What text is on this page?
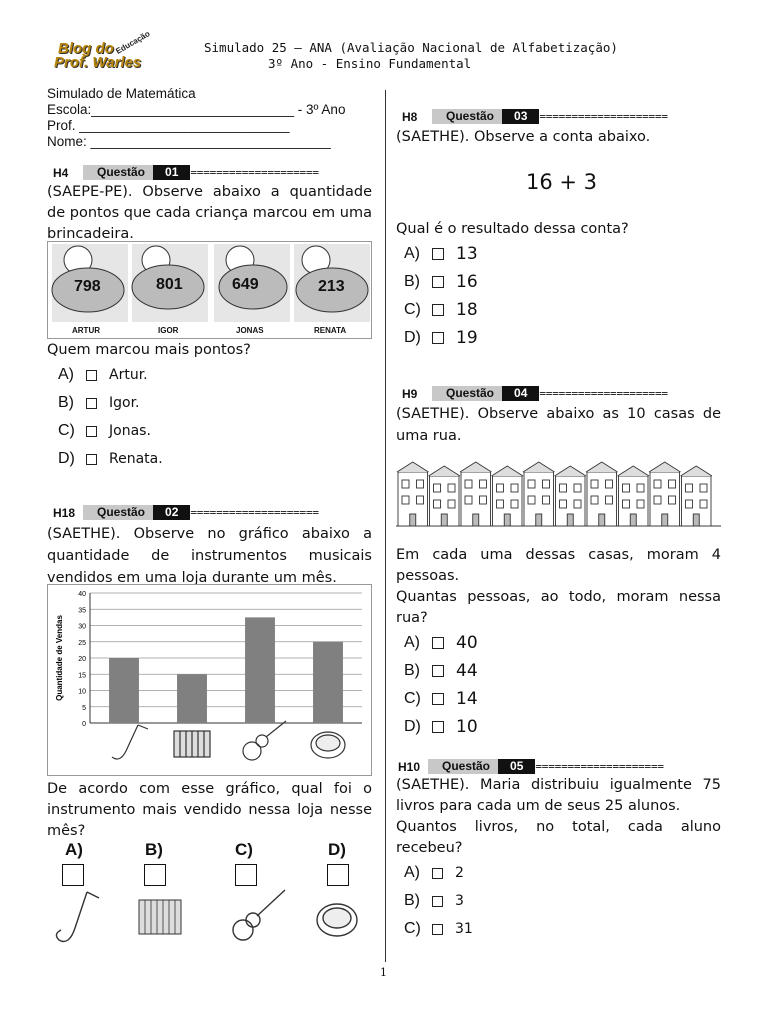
Blog do
Prof. Warles
Educação	Simulado 25 – ANA (Avaliação Nacional de Alfabetização)
3º Ano - Ensino Fundamental
Simulado de Matemática
Escola:___________________________ - 3º Ano
Prof. ____________________________
Nome: ________________________________
H4	Questão	01	====================
(SAEPE-PE). Observe abaixo a quantidade de pontos que cada criança marcou em uma brincadeira.
798	801	649	213
ARTUR	IGOR	JONAS	RENATA
Quem marcou mais pontos?
A)	Artur.
B)	Igor.
C)	Jonas.
D)	Renata.
H18	Questão	02	====================
(SAETHE). Observe no gráfico abaixo a quantidade de instrumentos musicais vendidos em uma loja durante um mês.
0
5
10
15
20
25
30
35
40
Quantidade de Vendas
De acordo com esse gráfico, qual foi o instrumento mais vendido nessa loja nesse mês?
A)	B)	C)	D)
H8	Questão	03	====================
(SAETHE). Observe a conta abaixo.
16 + 3
Qual é o resultado dessa conta?
A)	13
B)	16
C)	18
D)	19
H9	Questão	04	====================
(SAETHE). Observe abaixo as 10 casas de uma rua.
Em cada uma dessas casas, moram 4 pessoas.
Quantas pessoas, ao todo, moram nessa rua?
A)	40
B)	44
C)	14
D)	10
H10	Questão	05	====================
(SAETHE). Maria distribuiu igualmente 75 livros para cada um de seus 25 alunos.
Quantos livros, no total, cada aluno recebeu?
A)	2
B)	3
C)	31
1
